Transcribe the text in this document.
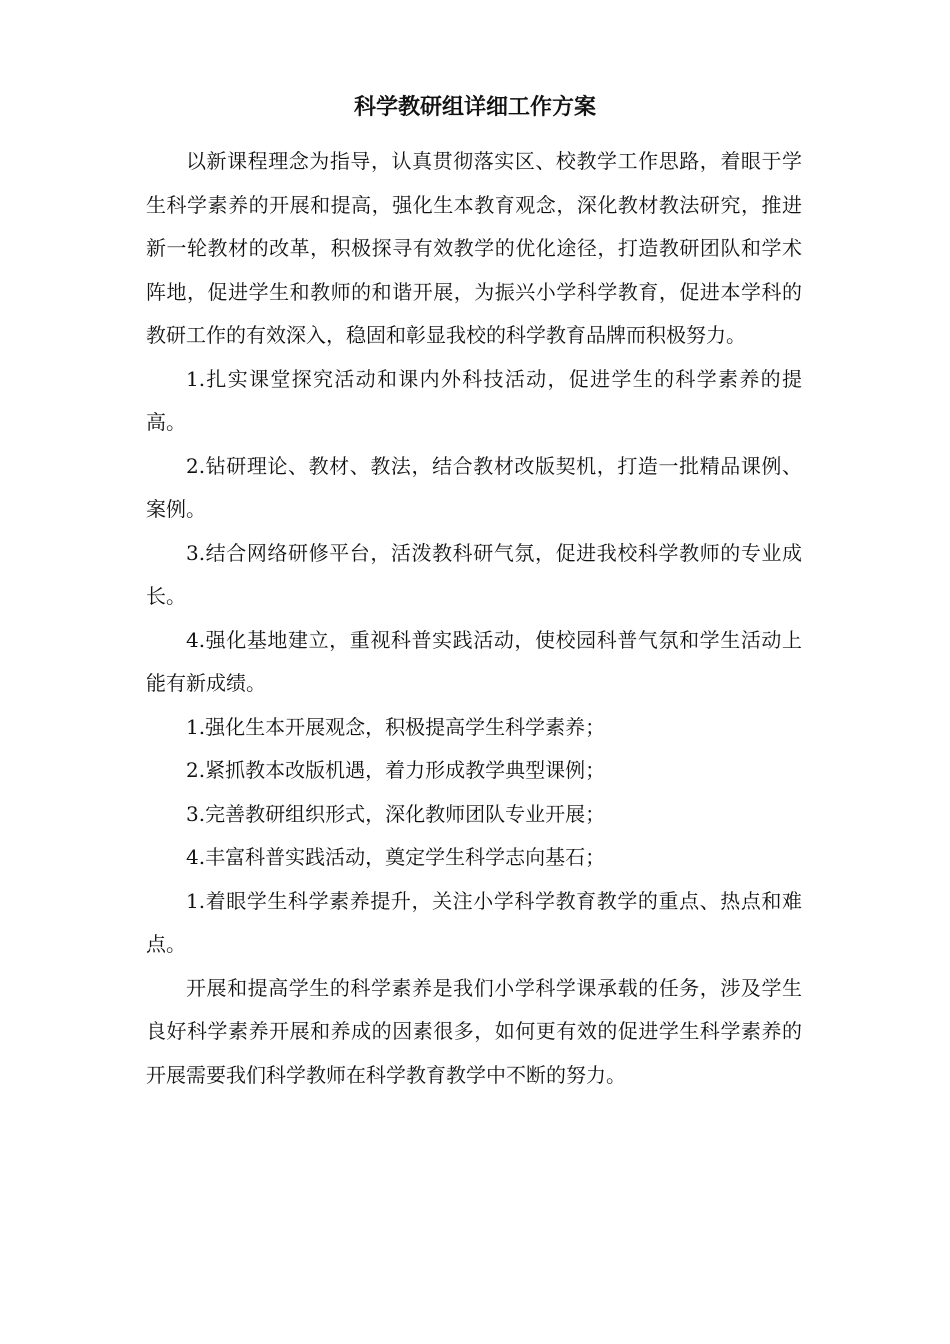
科学教研组详细工作方案

以新课程理念为指导，认真贯彻落实区、校教学工作思路，着眼于学生科学素养的开展和提高，强化生本教育观念，深化教材教法研究，推进新一轮教材的改革，积极探寻有效教学的优化途径，打造教研团队和学术阵地，促进学生和教师的和谐开展，为振兴小学科学教育，促进本学科的教研工作的有效深入，稳固和彰显我校的科学教育品牌而积极努力。

1.扎实课堂探究活动和课内外科技活动，促进学生的科学素养的提高。

2.钻研理论、教材、教法，结合教材改版契机，打造一批精品课例、案例。

3.结合网络研修平台，活泼教科研气氛，促进我校科学教师的专业成长。

4.强化基地建立，重视科普实践活动，使校园科普气氛和学生活动上能有新成绩。

1.强化生本开展观念，积极提高学生科学素养；

2.紧抓教本改版机遇，着力形成教学典型课例；

3.完善教研组织形式，深化教师团队专业开展；

4.丰富科普实践活动，奠定学生科学志向基石；

1.着眼学生科学素养提升，关注小学科学教育教学的重点、热点和难点。

开展和提高学生的科学素养是我们小学科学课承载的任务，涉及学生良好科学素养开展和养成的因素很多，如何更有效的促进学生科学素养的开展需要我们科学教师在科学教育教学中不断的努力。
